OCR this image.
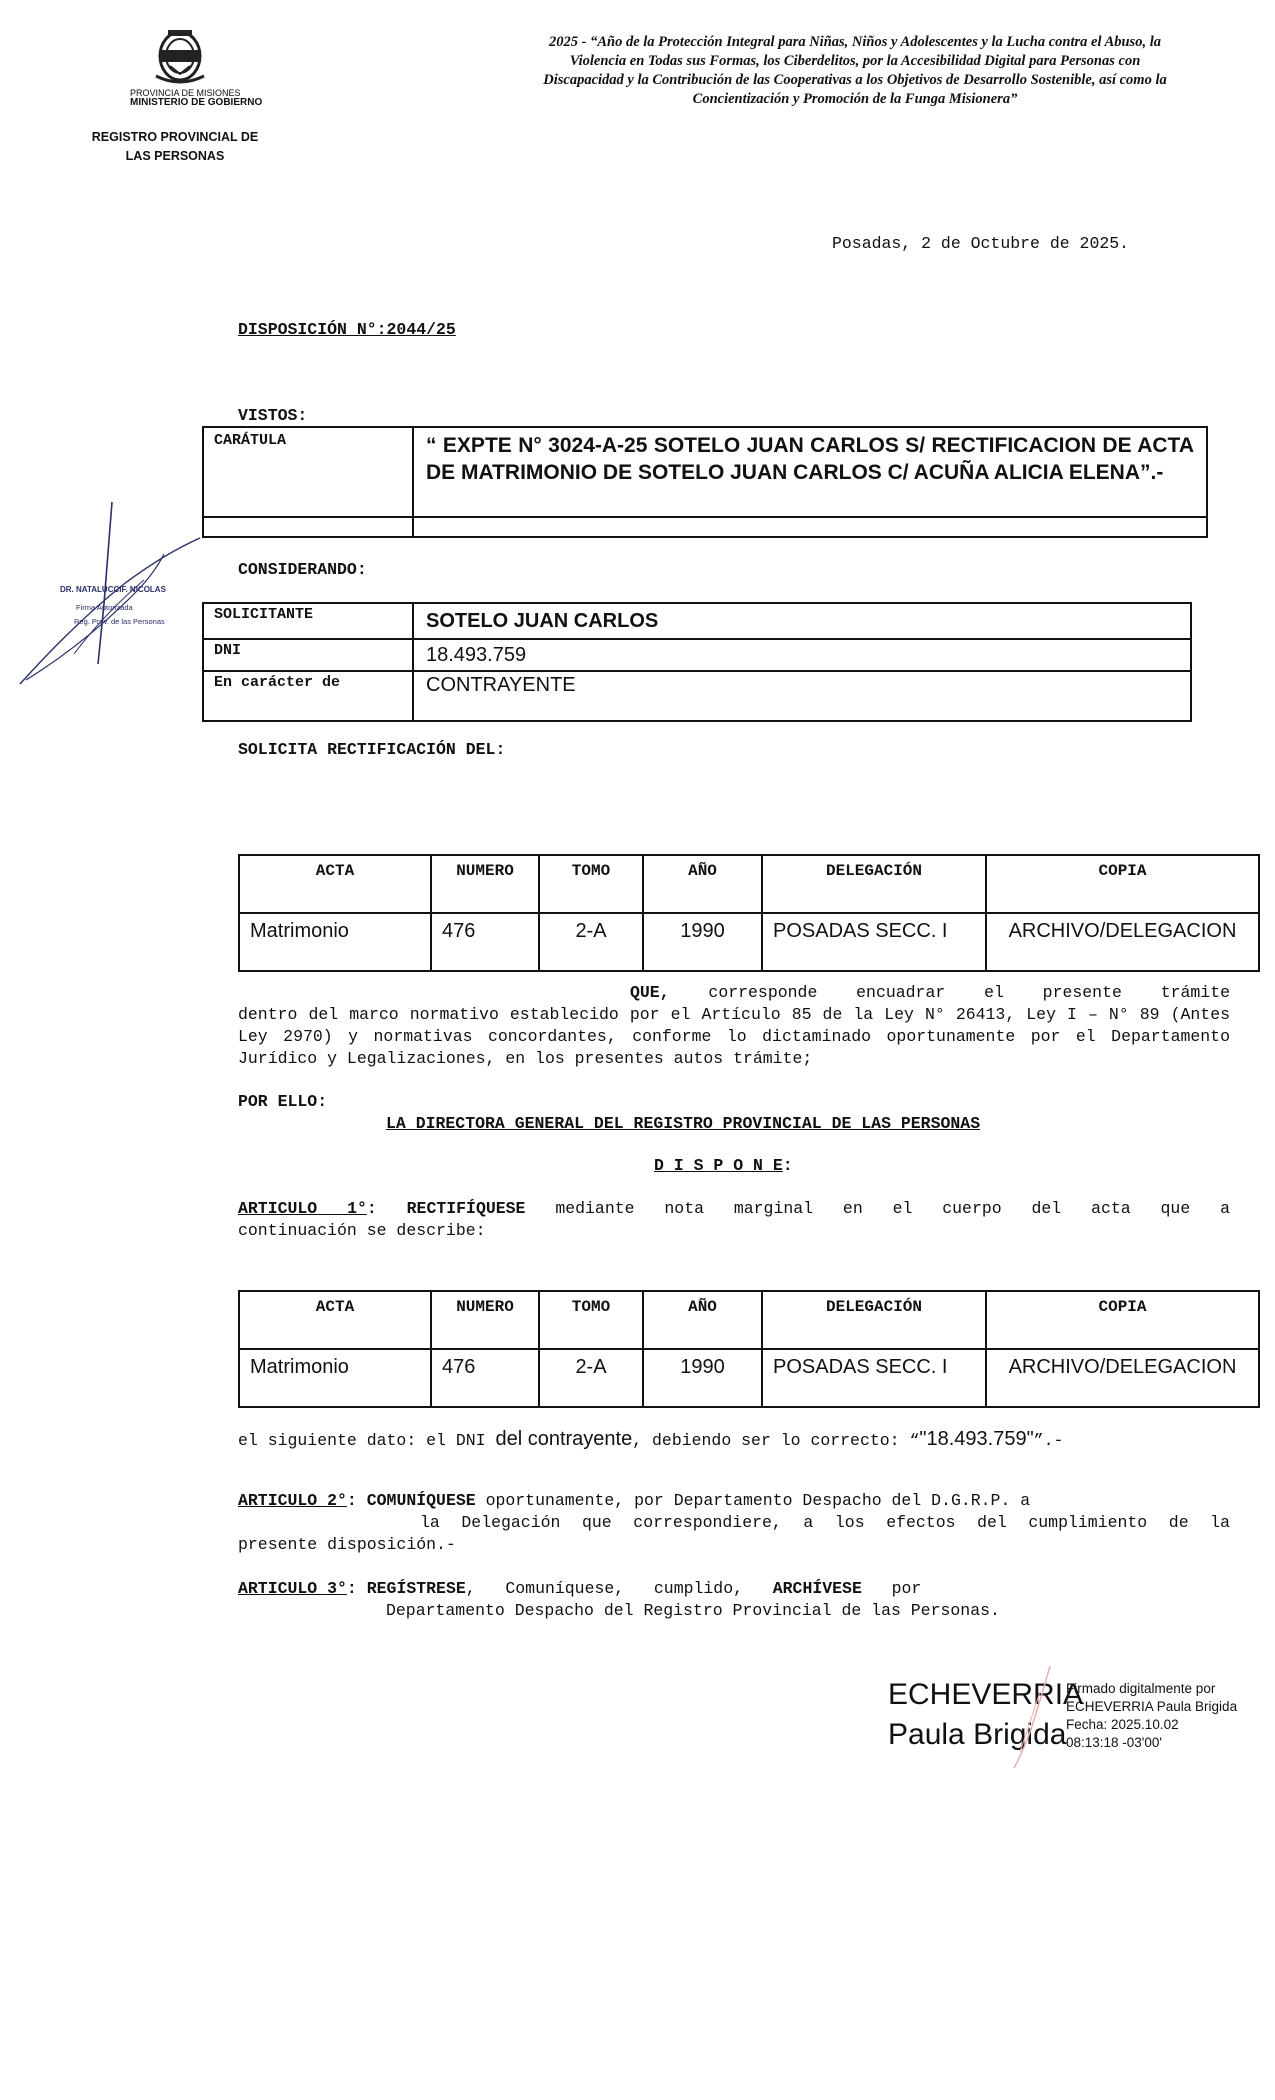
PROVINCIA DE MISIONES
MINISTERIO DE GOBIERNO
REGISTRO PROVINCIAL DE
LAS PERSONAS
2025 - “Año de la Protección Integral para Niñas, Niños y Adolescentes y la Lucha contra el Abuso, la Violencia en Todas sus Formas, los Ciberdelitos, por la Accesibilidad Digital para Personas con Discapacidad y la Contribución de las Cooperativas a los Objetivos de Desarrollo Sostenible, así como la Concientización y Promoción de la Funga Misionera”
Posadas, 2 de Octubre de 2025.
DISPOSICIÓN N°:2044/25
VISTOS:
CARÁTULA	“ EXPTE N° 3024-A-25 SOTELO JUAN CARLOS S/ RECTIFICACION DE ACTA DE MATRIMONIO DE SOTELO JUAN CARLOS C/ ACUÑA ALICIA ELENA”.-

DR. NATALUCCIF. NICOLAS
Firma Autorizada
Reg. Prov. de las Personas
CONSIDERANDO:
SOLICITANTE	SOTELO JUAN CARLOS
DNI	18.493.759
En carácter de	CONTRAYENTE
SOLICITA RECTIFICACIÓN DEL:
ACTA	NUMERO	TOMO	AÑO	DELEGACIÓN	COPIA
Matrimonio	476	2-A	1990	POSADAS SECC. I	ARCHIVO/DELEGACION
QUE, corresponde encuadrar el presente trámite
dentro del marco normativo establecido por el Artículo 85 de la Ley N° 26413, Ley I – N° 89 (Antes Ley 2970) y normativas concordantes, conforme lo dictaminado oportunamente por el Departamento Jurídico y Legalizaciones, en los presentes autos trámite;
POR ELLO:
LA DIRECTORA GENERAL DEL REGISTRO PROVINCIAL DE LAS PERSONAS
D I S P O N E:
ARTICULO 1°: RECTIFÍQUESE mediante nota marginal en el cuerpo del acta que a
continuación se describe:
ACTA	NUMERO	TOMO	AÑO	DELEGACIÓN	COPIA
Matrimonio	476	2-A	1990	POSADAS SECC. I	ARCHIVO/DELEGACION
el siguiente dato: el DNI del contrayente, debiendo ser lo correcto: “"18.493.759"”.-
ARTICULO 2°: COMUNÍQUESE oportunamente, por Departamento Despacho del D.G.R.P. a
la Delegación que correspondiere, a los efectos del cumplimiento de la
presente disposición.-
ARTICULO 3°: REGÍSTRESE,   Comuníquese,   cumplido, ARCHÍVESE por
Departamento Despacho del Registro Provincial de las Personas.
ECHEVERRIA
Paula Brigida
Firmado digitalmente por
ECHEVERRIA Paula Brigida
Fecha: 2025.10.02
08:13:18 -03'00'
